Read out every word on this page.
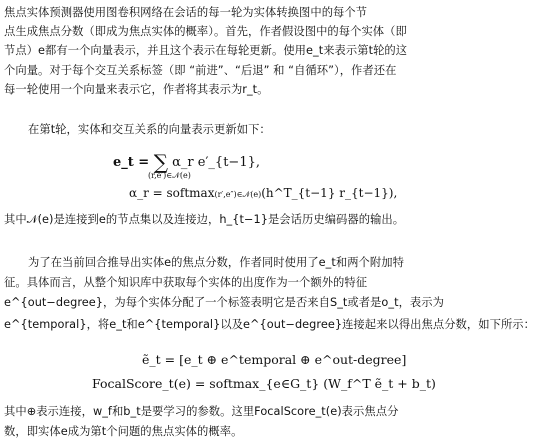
焦点实体预测器使用图卷积网络在会话的每一轮为实体转换图中的每个节
点生成焦点分数（即成为焦点实体的概率）。首先，作者假设图中的每个实体（即
节点）e都有一个向量表示，并且这个表示在每轮更新。使用e_t来表示第t轮的这
个向量。对于每个交互关系标签（即 “前进”、“后退” 和 “自循环”），作者还在
每一轮使用一个向量来表示它，作者将其表示为r_t。
在第t轮，实体和交互关系的向量表示更新如下：
e_t = ∑ α_r e′_{t−1},
(r,e′)∈𝒩(e)
α_r = softmax(r′,e″)∈𝒩(e)(h^T_{t−1} r_{t−1}),
其中𝒩(e)是连接到e的节点集以及连接边，h_{t−1}是会话历史编码器的输出。
为了在当前回合推导出实体e的焦点分数，作者同时使用了e_t和两个附加特
征。具体而言，从整个知识库中获取每个实体的出度作为一个额外的特征
e^{out−degree}，为每个实体分配了一个标签表明它是否来自S_t或者是o_t，表示为
e^{temporal}，将e_t和e^{temporal}以及e^{out−degree}连接起来以得出焦点分数，如下所示：
ẽ_t = [e_t ⊕ e^temporal ⊕ e^out-degree]
FocalScore_t(e) = softmax_{e∈G_t} (W_f^T ẽ_t + b_t)
其中⊕表示连接，w_f和b_t是要学习的参数。这里FocalScore_t(e)表示焦点分
数，即实体e成为第t个问题的焦点实体的概率。
